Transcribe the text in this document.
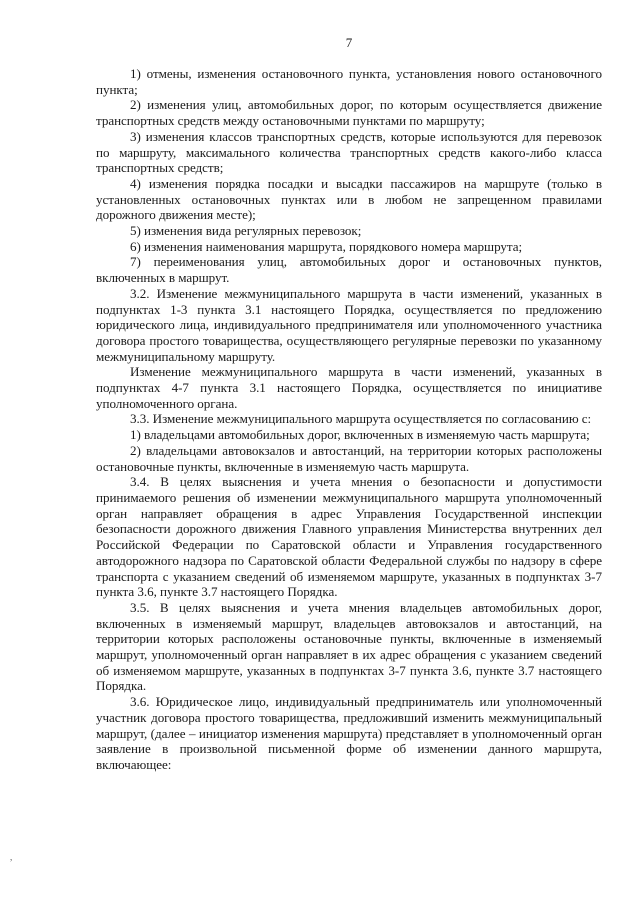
7

1) отмены, изменения остановочного пункта, установления нового остановочного пункта;

2) изменения улиц, автомобильных дорог, по которым осуществляется движение транспортных средств между остановочными пунктами по маршруту;

3) изменения классов транспортных средств, которые используются для перевозок по маршруту, максимального количества транспортных средств какого-либо класса транспортных средств;

4) изменения порядка посадки и высадки пассажиров на маршруте (только в установленных остановочных пунктах или в любом не запрещенном правилами дорожного движения месте);

5) изменения вида регулярных перевозок;

6) изменения наименования маршрута, порядкового номера маршрута;

7) переименования улиц, автомобильных дорог и остановочных пунктов, включенных в маршрут.

3.2. Изменение межмуниципального маршрута в части изменений, указанных в подпунктах 1-3 пункта 3.1 настоящего Порядка, осуществляется по предложению юридического лица, индивидуального предпринимателя или уполномоченного участника договора простого товарищества, осуществляющего регулярные перевозки по указанному межмуниципальному маршруту.

Изменение межмуниципального маршрута в части изменений, указанных в подпунктах 4-7 пункта 3.1 настоящего Порядка, осуществляется по инициативе уполномоченного органа.

3.3. Изменение межмуниципального маршрута осуществляется по согласованию с:

1) владельцами автомобильных дорог, включенных в изменяемую часть маршрута;

2) владельцами автовокзалов и автостанций, на территории которых расположены остановочные пункты, включенные в изменяемую часть маршрута.

3.4. В целях выяснения и учета мнения о безопасности и допустимости принимаемого решения об изменении межмуниципального маршрута уполномоченный орган направляет обращения в адрес Управления Государственной инспекции безопасности дорожного движения Главного управления Министерства внутренних дел Российской Федерации по Саратовской области и Управления государственного автодорожного надзора по Саратовской области Федеральной службы по надзору в сфере транспорта с указанием сведений об изменяемом маршруте, указанных в подпунктах 3-7 пункта 3.6, пункте 3.7 настоящего Порядка.

3.5. В целях выяснения и учета мнения владельцев автомобильных дорог, включенных в изменяемый маршрут, владельцев автовокзалов и автостанций, на территории которых расположены остановочные пункты, включенные в изменяемый маршрут, уполномоченный орган направляет в их адрес обращения с указанием сведений об изменяемом маршруте, указанных в подпунктах 3-7 пункта 3.6, пункте 3.7 настоящего Порядка.

3.6. Юридическое лицо, индивидуальный предприниматель или уполномоченный участник договора простого товарищества, предложивший изменить межмуниципальный маршрут, (далее – инициатор изменения маршрута) представляет в уполномоченный орган заявление в произвольной письменной форме об изменении данного маршрута, включающее:

,
